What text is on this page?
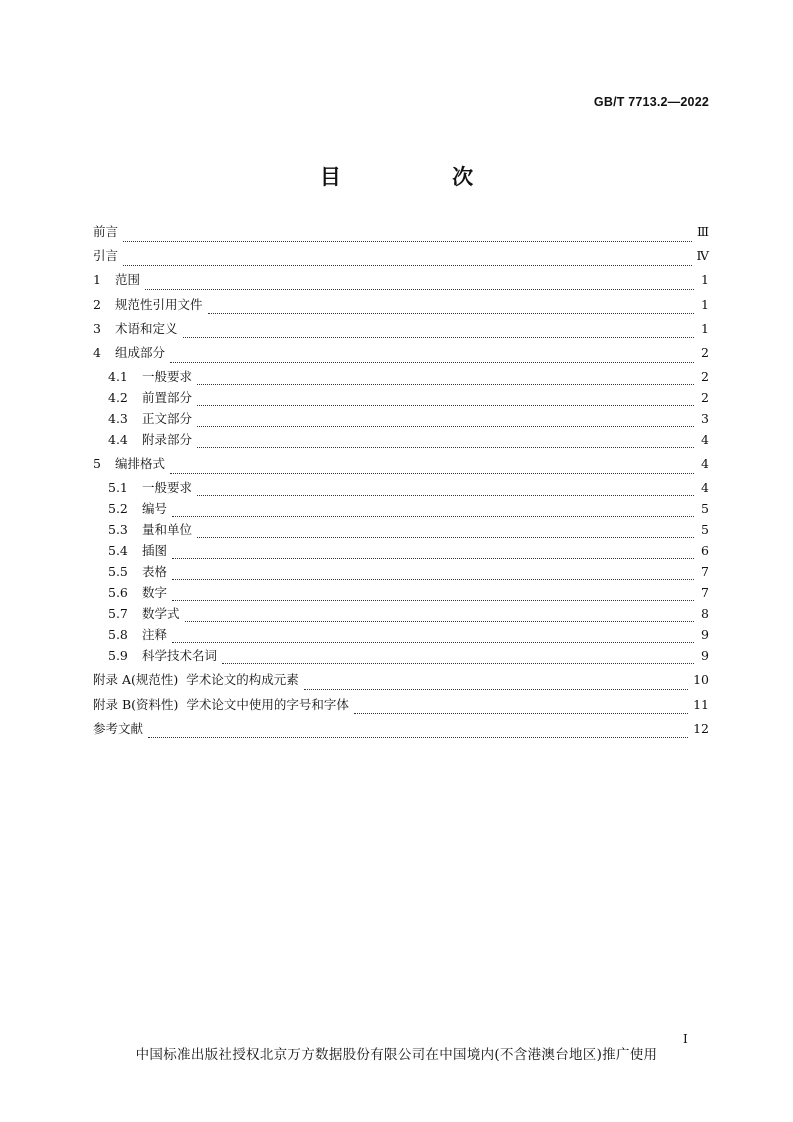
GB/T 7713.2—2022
目 次
前言	Ⅲ
引言	Ⅳ
1	范围	1
2	规范性引用文件	1
3	术语和定义	1
4	组成部分	2
4.1	一般要求	2
4.2	前置部分	2
4.3	正文部分	3
4.4	附录部分	4
5	编排格式	4
5.1	一般要求	4
5.2	编号	5
5.3	量和单位	5
5.4	插图	6
5.5	表格	7
5.6	数字	7
5.7	数学式	8
5.8	注释	9
5.9	科学技术名词	9
附录 A(规范性)  学术论文的构成元素	10
附录 B(资料性)  学术论文中使用的字号和字体	11
参考文献	12
Ⅰ
中国标准出版社授权北京万方数据股份有限公司在中国境内(不含港澳台地区)推广使用
